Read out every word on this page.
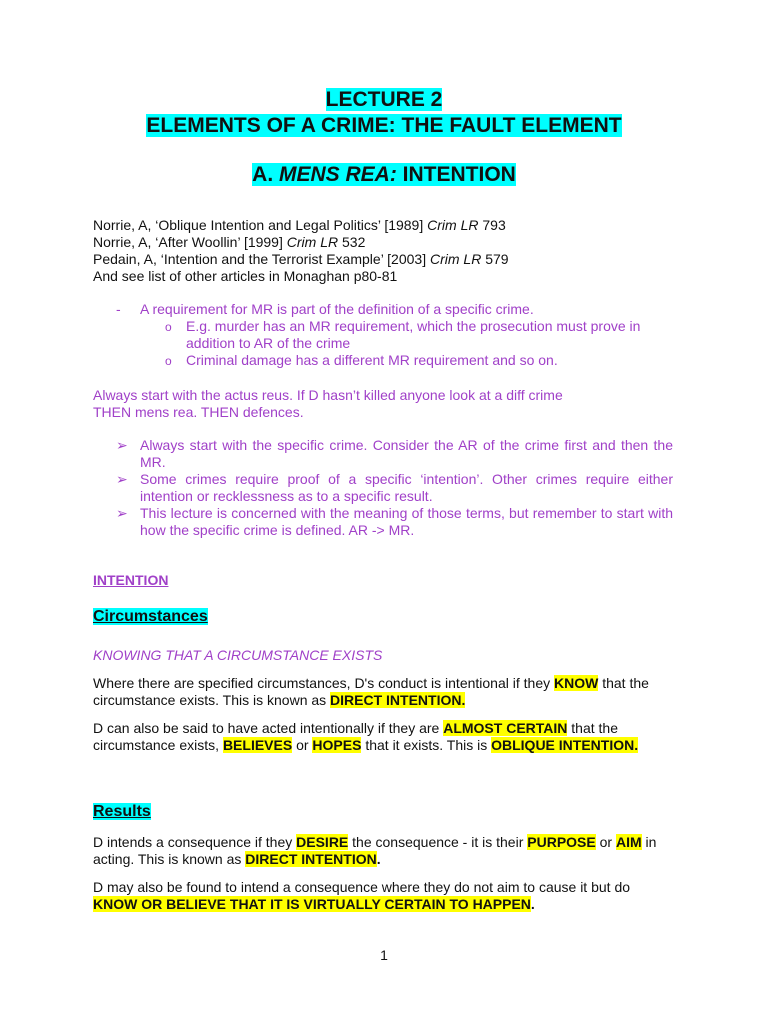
LECTURE 2
ELEMENTS OF A CRIME: THE FAULT ELEMENT
A. MENS REA: INTENTION
Norrie, A, ‘Oblique Intention and Legal Politics’ [1989] Crim LR 793
Norrie, A, ‘After Woollin’ [1999] Crim LR 532
Pedain, A, ‘Intention and the Terrorist Example’ [2003] Crim LR 579
And see list of other articles in Monaghan p80-81
- A requirement for MR is part of the definition of a specific crime.
o E.g. murder has an MR requirement, which the prosecution must prove in addition to AR of the crime
o Criminal damage has a different MR requirement and so on.
Always start with the actus reus. If D hasn’t killed anyone look at a diff crime
THEN mens rea. THEN defences.
➢ Always start with the specific crime. Consider the AR of the crime first and then the MR.
➢ Some crimes require proof of a specific ‘intention’. Other crimes require either intention or recklessness as to a specific result.
➢ This lecture is concerned with the meaning of those terms, but remember to start with how the specific crime is defined. AR -> MR.
INTENTION
Circumstances
KNOWING THAT A CIRCUMSTANCE EXISTS
Where there are specified circumstances, D's conduct is intentional if they KNOW that the circumstance exists. This is known as DIRECT INTENTION.
D can also be said to have acted intentionally if they are ALMOST CERTAIN that the circumstance exists, BELIEVES or HOPES that it exists. This is OBLIQUE INTENTION.
Results
D intends a consequence if they DESIRE the consequence - it is their PURPOSE or AIM in acting. This is known as DIRECT INTENTION.
D may also be found to intend a consequence where they do not aim to cause it but do KNOW OR BELIEVE THAT IT IS VIRTUALLY CERTAIN TO HAPPEN.
1
